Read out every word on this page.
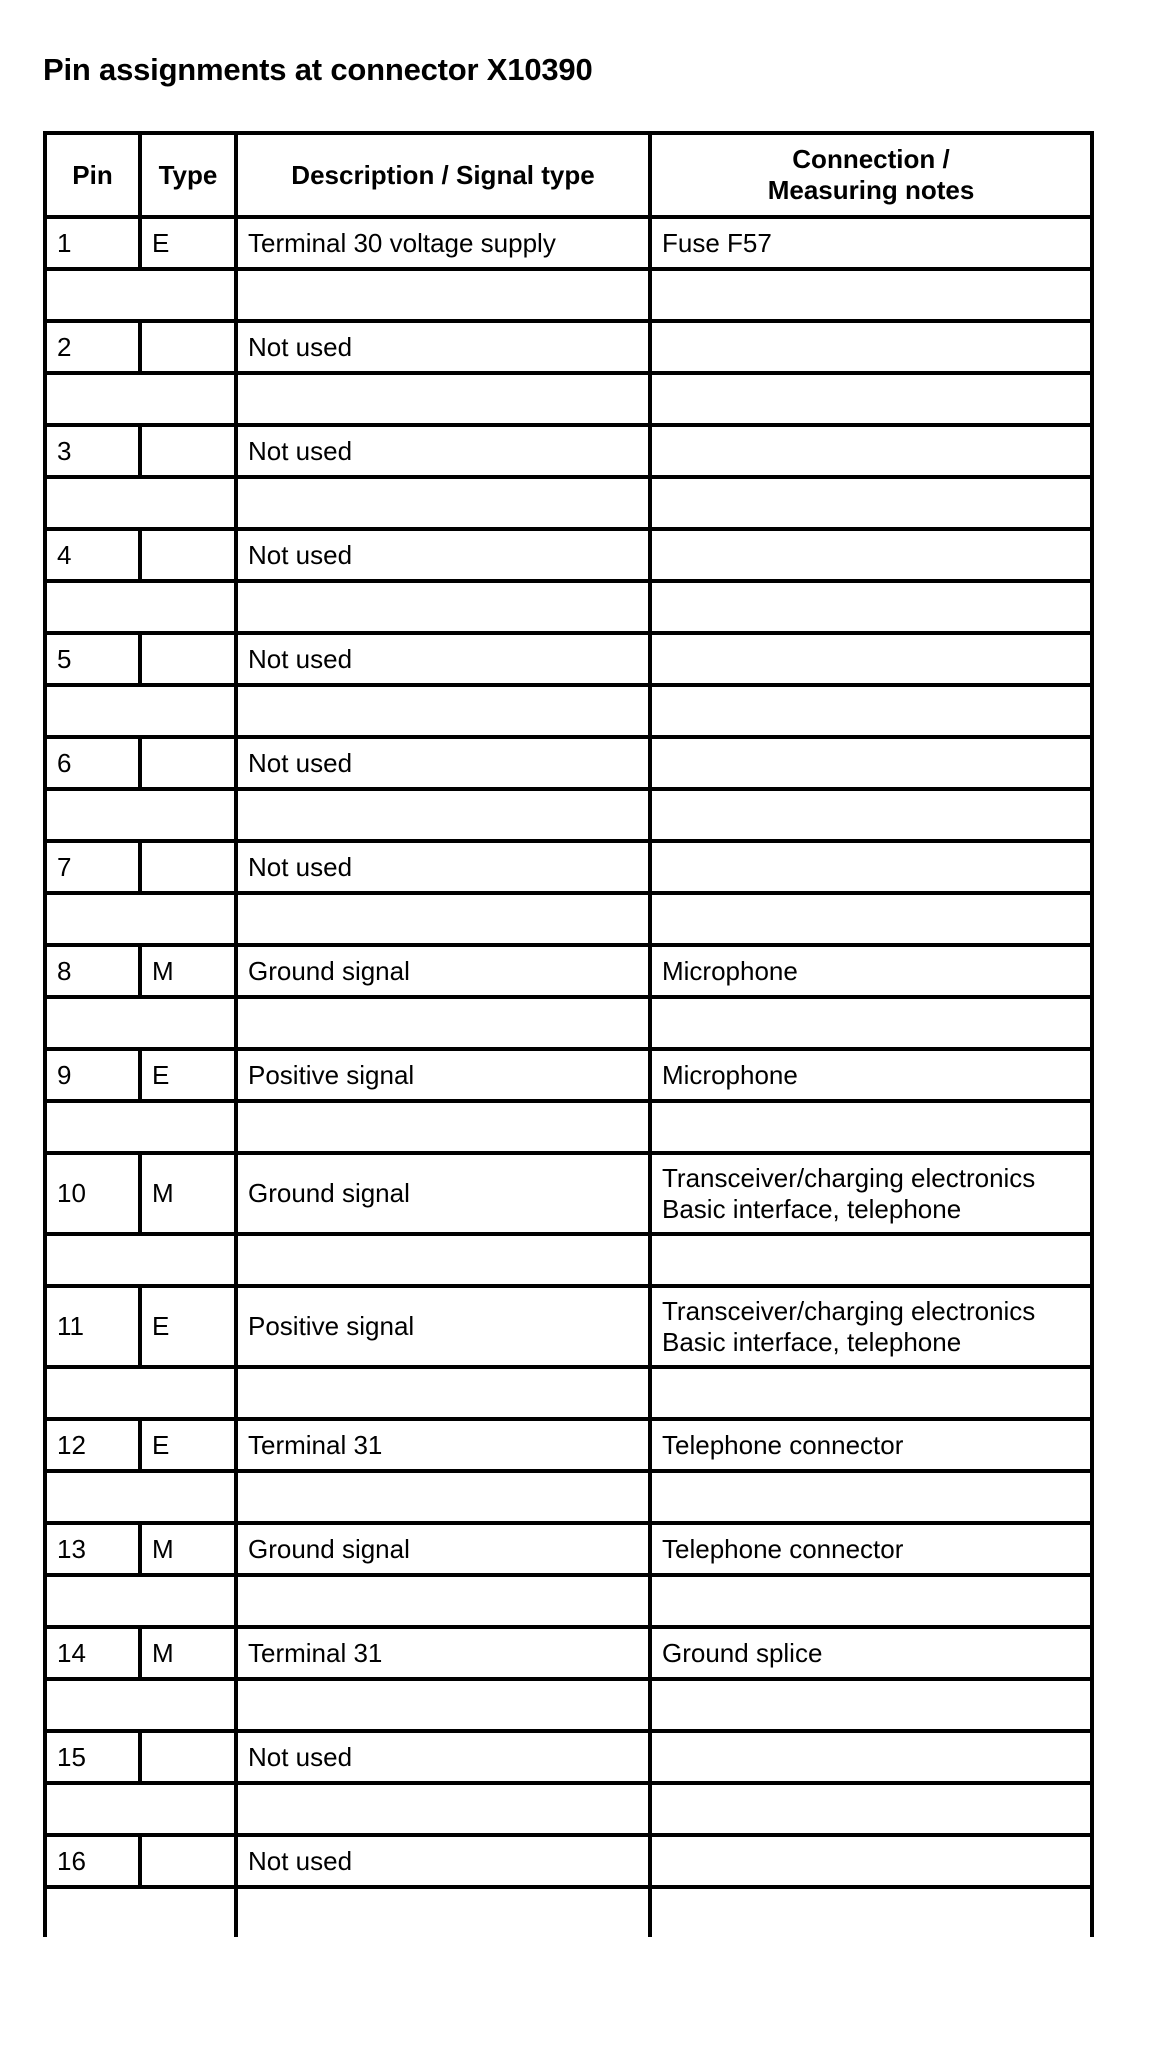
Pin assignments at connector X10390
Pin	Type	Description / Signal type	Connection /
Measuring notes

1	E	Terminal 30 voltage supply	Fuse F57

2		Not used	

3		Not used	

4		Not used	

5		Not used	

6		Not used	

7		Not used	

8	M	Ground signal	Microphone

9	E	Positive signal	Microphone

10	M	Ground signal	Transceiver/charging electronics
Basic interface, telephone

11	E	Positive signal	Transceiver/charging electronics
Basic interface, telephone

12	E	Terminal 31	Telephone connector

13	M	Ground signal	Telephone connector

14	M	Terminal 31	Ground splice

15		Not used	

16		Not used	
